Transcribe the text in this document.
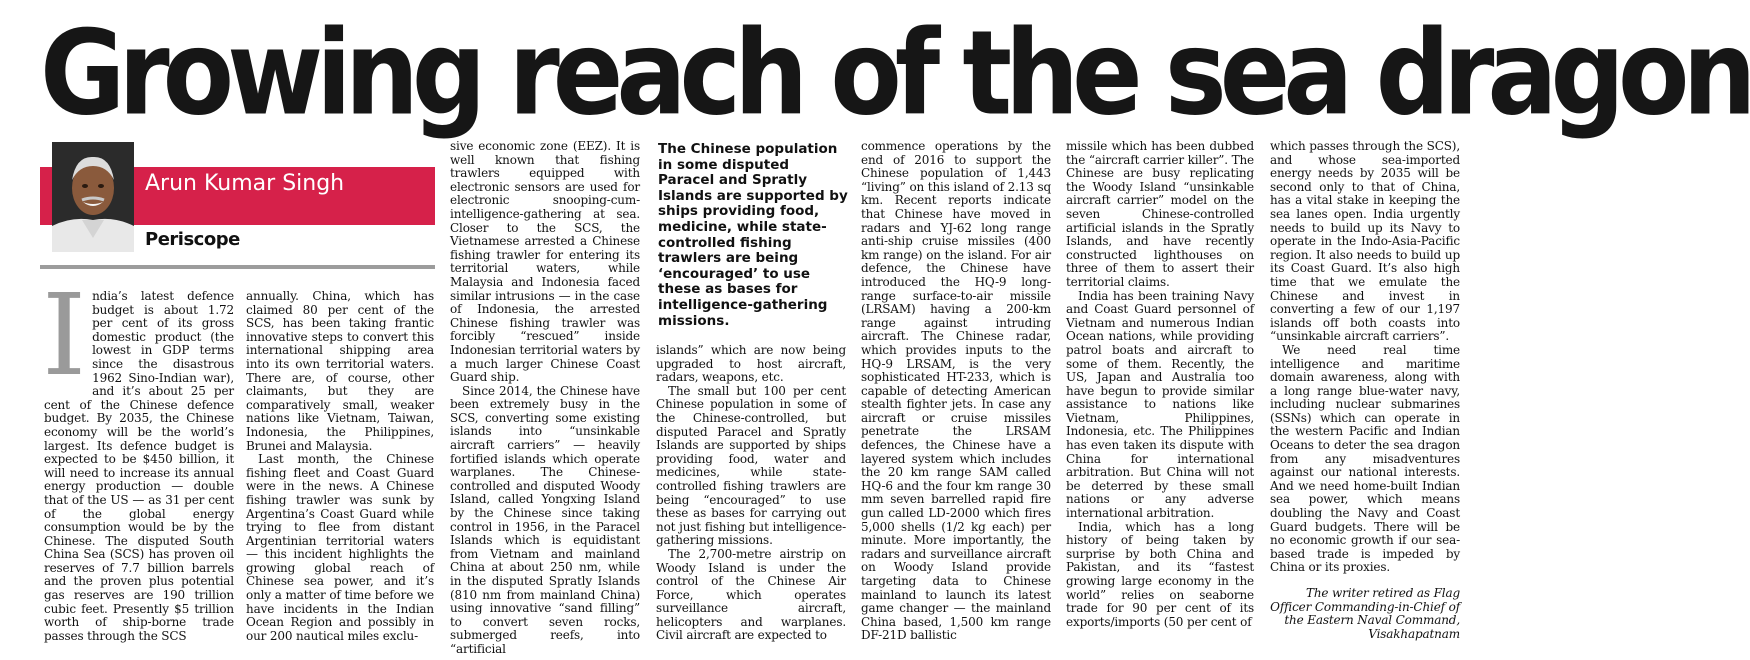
Growing reach of the sea dragon
Arun Kumar Singh
Periscope
I ndia’s latest defence budget is about 1.72 per cent of its gross domestic product (the lowest in GDP terms since the disastrous 1962 Sino-Indian war), and it’s about 25 per cent of the Chinese defence budget. By 2035, the Chinese economy will be the world’s largest. Its defence budget is expected to be $450 billion, it will need to increase its annual energy production — double that of the US — as 31 per cent of the global energy consumption would be by the Chinese. The disputed South China Sea (SCS) has proven oil reserves of 7.7 billion barrels and the proven plus potential gas reserves are 190 trillion cubic feet. Presently $5 trillion worth of ship-borne trade passes through the SCS

annually. China, which has claimed 80 per cent of the SCS, has been taking frantic innovative steps to convert this international shipping area into its own territorial waters. There are, of course, other claimants, but they are comparatively small, weaker nations like Vietnam, Taiwan, Indonesia, the Philippines, Brunei and Malaysia.

Last month, the Chinese fishing fleet and Coast Guard were in the news. A Chinese fishing trawler was sunk by Argentina’s Coast Guard while trying to flee from distant Argentinian territorial waters — this incident highlights the growing global reach of Chinese sea power, and it’s only a matter of time before we have incidents in the Indian Ocean Region and possibly in our 200 nautical miles exclu-

sive economic zone (EEZ). It is well known that fishing trawlers equipped with electronic sensors are used for electronic snooping-cum-intelligence-gathering at sea. Closer to the SCS, the Vietnamese arrested a Chinese fishing trawler for entering its territorial waters, while Malaysia and Indonesia faced similar intrusions — in the case of Indonesia, the arrested Chinese fishing trawler was forcibly “rescued” inside Indonesian territorial waters by a much larger Chinese Coast Guard ship.

Since 2014, the Chinese have been extremely busy in the SCS, converting some existing islands into “unsinkable aircraft carriers” — heavily fortified islands which operate warplanes. The Chinese-controlled and disputed Woody Island, called Yongxing Island by the Chinese since taking control in 1956, in the Paracel Islands which is equidistant from Vietnam and mainland China at about 250 nm, while in the disputed Spratly Islands (810 nm from mainland China) using innovative “sand filling” to convert seven rocks, submerged reefs, into “artificial

The Chinese population in some disputed Paracel and Spratly Islands are supported by ships providing food, medicine, while state-controlled fishing trawlers are being ‘encouraged’ to use these as bases for intelligence-gathering missions.

islands” which are now being upgraded to host aircraft, radars, weapons, etc.

The small but 100 per cent Chinese population in some of the Chinese-controlled, but disputed Paracel and Spratly Islands are supported by ships providing food, water and medicines, while state-controlled fishing trawlers are being “encouraged” to use these as bases for carrying out not just fishing but intelligence-gathering missions.

The 2,700-metre airstrip on Woody Island is under the control of the Chinese Air Force, which operates surveillance aircraft, helicopters and warplanes. Civil aircraft are expected to

commence operations by the end of 2016 to support the Chinese population of 1,443 “living” on this island of 2.13 sq km. Recent reports indicate that Chinese have moved in radars and YJ-62 long range anti-ship cruise missiles (400 km range) on the island. For air defence, the Chinese have introduced the HQ-9 long-range surface-to-air missile (LRSAM) having a 200-km range against intruding aircraft. The Chinese radar, which provides inputs to the HQ-9 LRSAM, is the very sophisticated HT-233, which is capable of detecting American stealth fighter jets. In case any aircraft or cruise missiles penetrate the LRSAM defences, the Chinese have a layered system which includes the 20 km range SAM called HQ-6 and the four km range 30 mm seven barrelled rapid fire gun called LD-2000 which fires 5,000 shells (1/2 kg each) per minute. More importantly, the radars and surveillance aircraft on Woody Island provide targeting data to Chinese mainland to launch its latest game changer — the mainland China based, 1,500 km range DF-21D ballistic

missile which has been dubbed the “aircraft carrier killer”. The Chinese are busy replicating the Woody Island “unsinkable aircraft carrier” model on the seven Chinese-controlled artificial islands in the Spratly Islands, and have recently constructed lighthouses on three of them to assert their territorial claims.

India has been training Navy and Coast Guard personnel of Vietnam and numerous Indian Ocean nations, while providing patrol boats and aircraft to some of them. Recently, the US, Japan and Australia too have begun to provide similar assistance to nations like Vietnam, Philippines, Indonesia, etc. The Philippines has even taken its dispute with China for international arbitration. But China will not be deterred by these small nations or any adverse international arbitration.

India, which has a long history of being taken by surprise by both China and Pakistan, and its “fastest growing large economy in the world” relies on seaborne trade for 90 per cent of its exports/imports (50 per cent of

which passes through the SCS), and whose sea-imported energy needs by 2035 will be second only to that of China, has a vital stake in keeping the sea lanes open. India urgently needs to build up its Navy to operate in the Indo-Asia-Pacific region. It also needs to build up its Coast Guard. It’s also high time that we emulate the Chinese and invest in converting a few of our 1,197 islands off both coasts into “unsinkable aircraft carriers”.

We need real time intelligence and maritime domain awareness, along with a long range blue-water navy, including nuclear submarines (SSNs) which can operate in the western Pacific and Indian Oceans to deter the sea dragon from any misadventures against our national interests. And we need home-built Indian sea power, which means doubling the Navy and Coast Guard budgets. There will be no economic growth if our sea-based trade is impeded by China or its proxies.

The writer retired as Flag Officer Commanding-in-Chief of the Eastern Naval Command, Visakhapatnam
